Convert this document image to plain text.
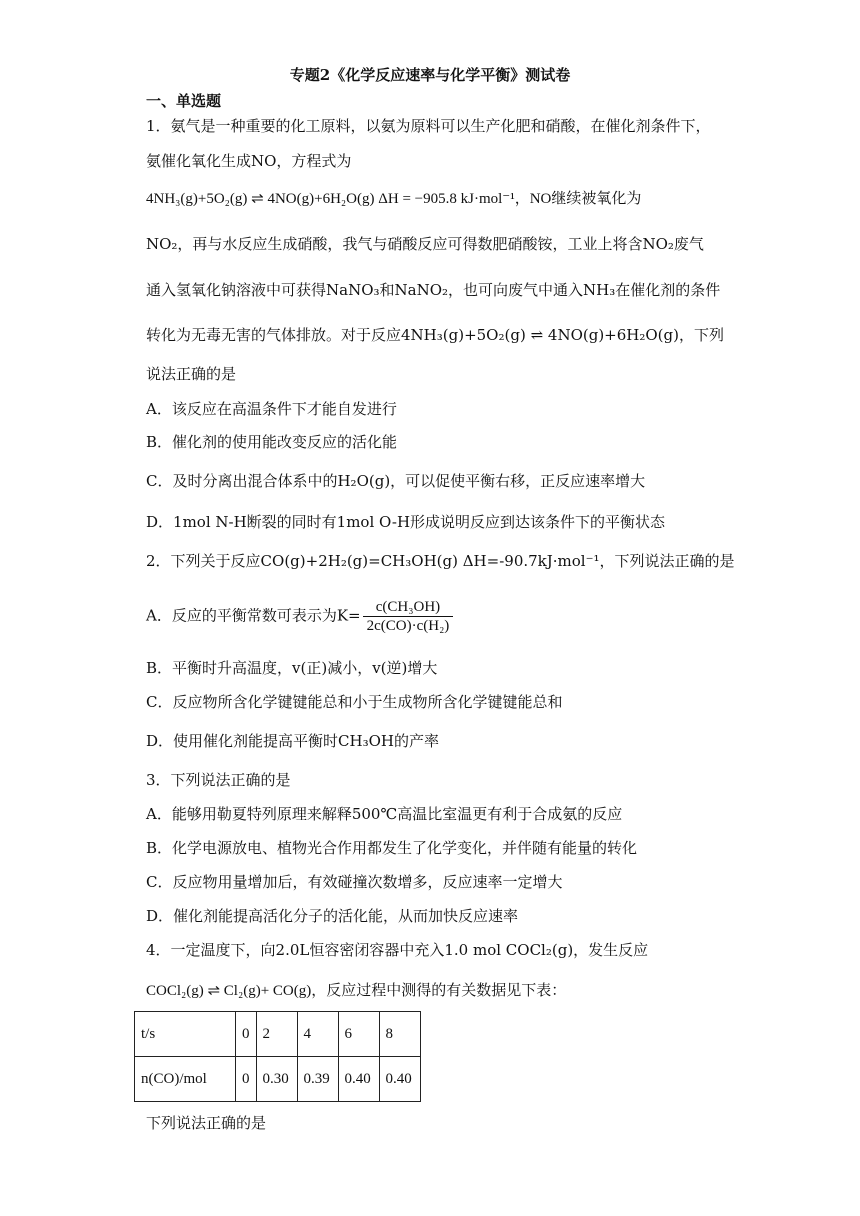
专题2《化学反应速率与化学平衡》测试卷
一、单选题
1．氨气是一种重要的化工原料，以氨为原料可以生产化肥和硝酸，在催化剂条件下，
氨催化氧化生成NO，方程式为
4NH₃(g)+5O₂(g) ⇌ 4NO(g)+6H₂O(g) ΔH = −905.8 kJ·mol⁻¹，NO继续被氧化为
NO₂，再与水反应生成硝酸，我气与硝酸反应可得数肥硝酸铵，工业上将含NO₂废气
通入氢氧化钠溶液中可获得NaNO₃和NaNO₂，也可向废气中通入NH₃在催化剂的条件
转化为无毒无害的气体排放。对于反应4NH₃(g)+5O₂(g) ⇌ 4NO(g)+6H₂O(g)，下列
说法正确的是
A．该反应在高温条件下才能自发进行
B．催化剂的使用能改变反应的活化能
C．及时分离出混合体系中的H₂O(g)，可以促使平衡右移，正反应速率增大
D．1mol N-H断裂的同时有1mol O-H形成说明反应到达该条件下的平衡状态
2．下列关于反应CO(g)+2H₂(g)=CH₃OH(g) ΔH=-90.7kJ·mol⁻¹，下列说法正确的是
A．反应的平衡常数可表示为$K= \frac{\text{c(CH₃OH)}}{\text{2c(CO)·c(H₂)}}$
B．平衡时升高温度，v(正)减小，v(逆)增大
C．反应物所含化学键键能总和小于生成物所含化学键键能总和
D．使用催化剂能提高平衡时CH₃OH的产率
3．下列说法正确的是
A．能够用勒夏特列原理来解释500℃高温比室温更有利于合成氨的反应
B．化学电源放电、植物光合作用都发生了化学变化，并伴随有能量的转化
C．反应物用量增加后，有效碰撞次数增多，反应速率一定增大
D．催化剂能提高活化分子的活化能，从而加快反应速率
4．一定温度下，向2.0L恒容密闭容器中充入1.0 mol COCl₂(g)，发生反应
COCl₂(g) ⇌ Cl₂(g)+ CO(g)，反应过程中测得的有关数据见下表：
t/s	0	2	4	6	8
n(CO)/mol	0	0.30	0.39	0.40	0.40
下列说法正确的是
